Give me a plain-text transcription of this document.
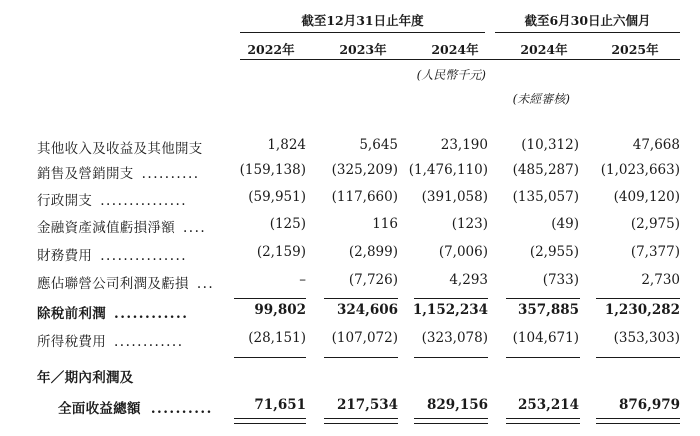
截至12月31日止年度	截至6月30日止六個月
2022年	2023年	2024年	2024年	2025年
(人民幣千元)
(未經審核)
其他收入及收益及其他開支	1,824	5,645	23,190	(10,312)	47,668
銷售及營銷開支 ..........	(159,138)	(325,209) (1,476,110)	(485,287)	(1,023,663)
行政開支 ...............	(59,951)	(117,660)	(391,058)	(135,057)	(409,120)
金融資產減值虧損淨額 ....	(125)	116	(123)	(49)	(2,975)
財務費用 ...............	(2,159)	(2,899)	(7,006)	(2,955)	(7,377)
應佔聯營公司利潤及虧損 ...	–	(7,726)	4,293	(733)	2,730
除稅前利潤 ............	99,802	324,606	1,152,234	357,885	1,230,282
所得稅費用 ............	(28,151)	(107,072)	(323,078)	(104,671)	(353,303)
年／期內利潤及
全面收益總額 ..........	71,651	217,534	829,156	253,214	876,979
